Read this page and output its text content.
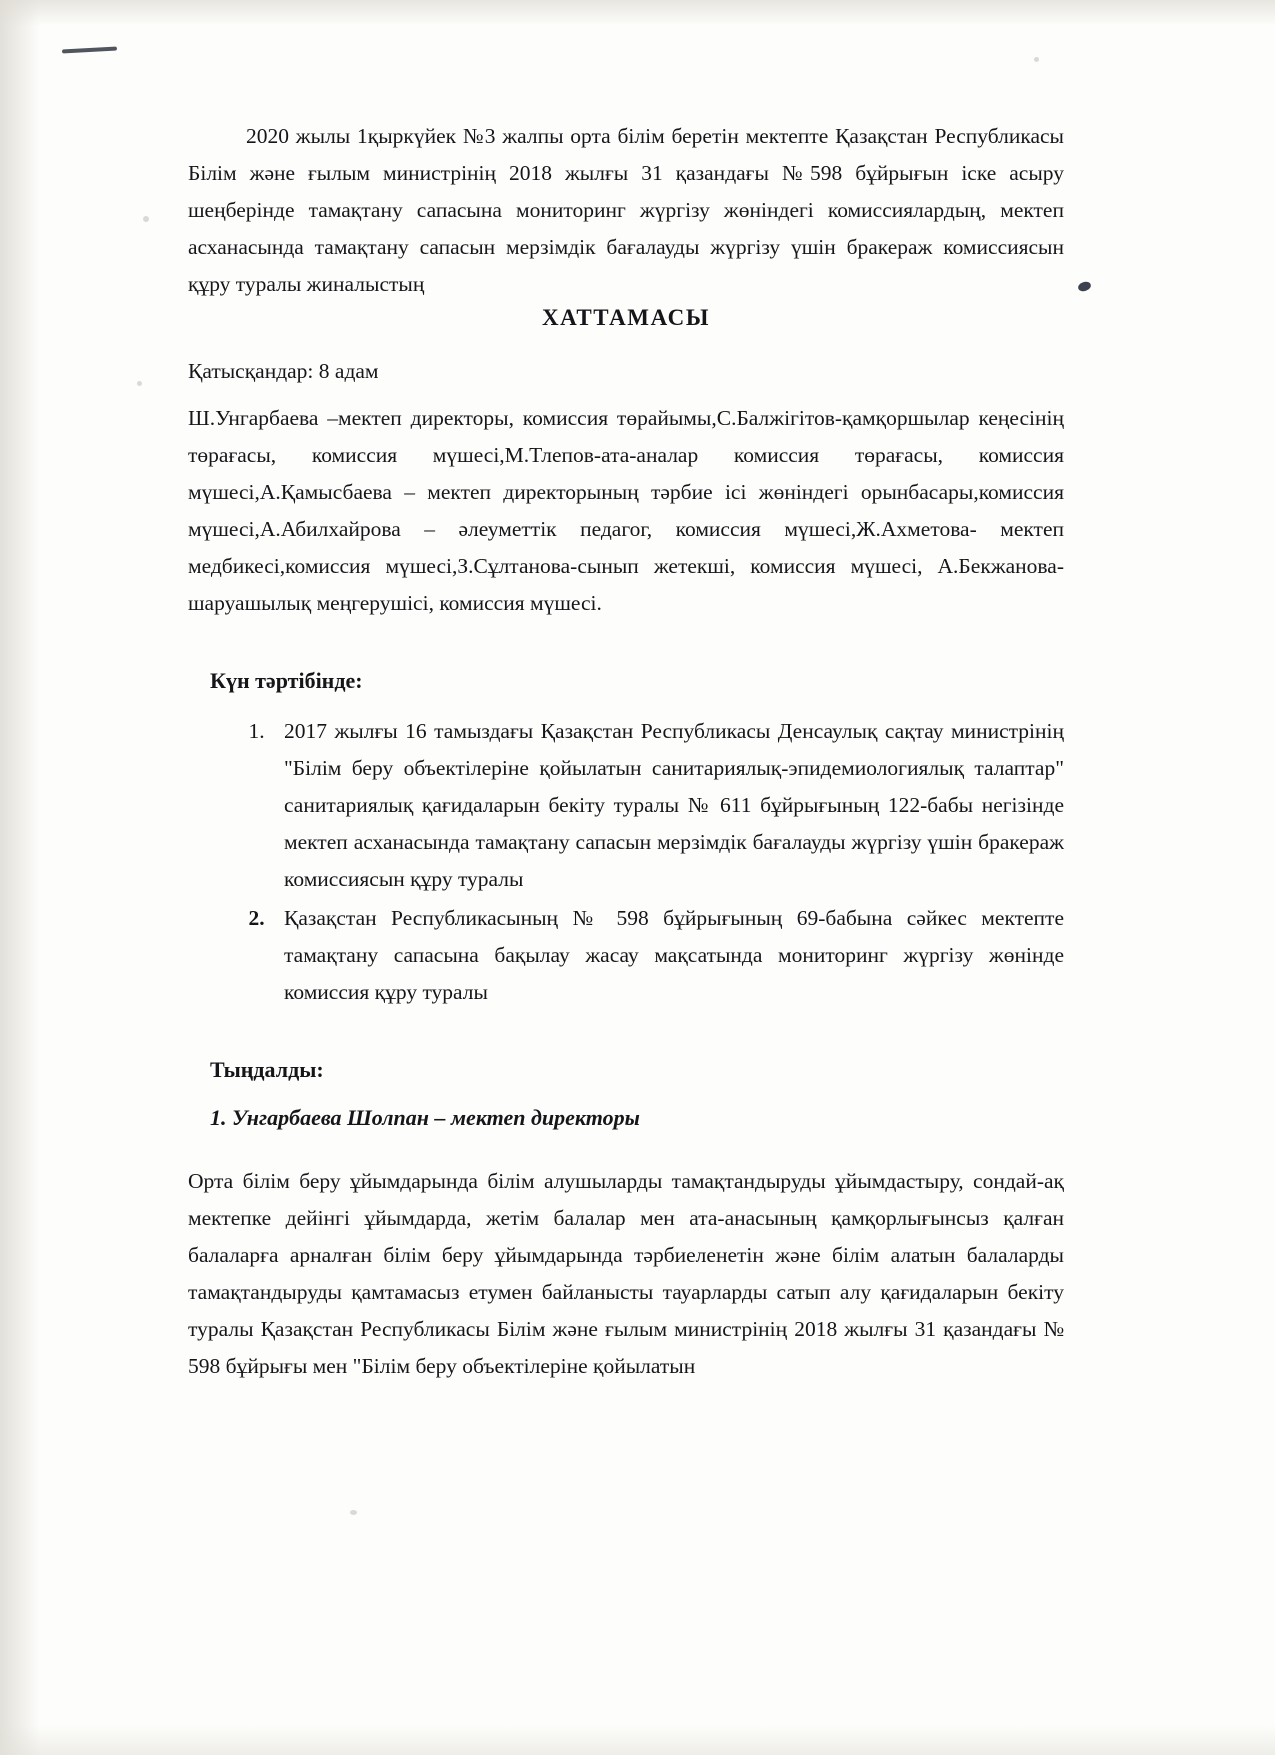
2020 жылы 1қыркүйек №3 жалпы орта білім беретін мектепте Қазақстан Республикасы Білім және ғылым министрінің 2018 жылғы 31 қазандағы №598 бұйрығын іске асыру шеңберінде тамақтану сапасына мониторинг жүргізу жөніндегі комиссиялардың, мектеп асханасында тамақтану сапасын мерзімдік бағалауды жүргізу үшін бракераж комиссиясын құру туралы жиналыстың

ХАТТАМАСЫ

Қатысқандар: 8 адам

Ш.Унгарбаева –мектеп директоры, комиссия төрайымы,С.Балжігітов-қамқоршылар кеңесінің төрағасы, комиссия мүшесі,М.Тлепов-ата-аналар комиссия төрағасы, комиссия мүшесі,А.Қамысбаева – мектеп директорының тәрбие ісі жөніндегі орынбасары,комиссия мүшесі,А.Абилхайрова – әлеуметтік педагог, комиссия мүшесі,Ж.Ахметова- мектеп медбикесі,комиссия мүшесі,З.Сұлтанова-сынып жетекші, комиссия мүшесі, А.Бекжанова-шаруашылық меңгерушісі, комиссия мүшесі.

Күн тәртібінде:

1. 2017 жылғы 16 тамыздағы Қазақстан Республикасы Денсаулық сақтау министрінің "Білім беру объектілеріне қойылатын санитариялық-эпидемиологиялық талаптар" санитариялық қағидаларын бекіту туралы № 611 бұйрығының 122-бабы негізінде мектеп асханасында тамақтану сапасын мерзімдік бағалауды жүргізу үшін бракераж комиссиясын құру туралы
2. Қазақстан Республикасының № 598 бұйрығының 69-бабына сәйкес мектепте тамақтану сапасына бақылау жасау мақсатында мониторинг жүргізу жөнінде комиссия құру туралы

Тыңдалды:

1. Унгарбаева Шолпан – мектеп директоры

Орта білім беру ұйымдарында білім алушыларды тамақтандыруды ұйымдастыру, сондай-ақ мектепке дейінгі ұйымдарда, жетім балалар мен ата-анасының қамқорлығынсыз қалған балаларға арналған білім беру ұйымдарында тәрбиеленетін және білім алатын балаларды тамақтандыруды қамтамасыз етумен байланысты тауарларды сатып алу қағидаларын бекіту туралы Қазақстан Республикасы Білім және ғылым министрінің 2018 жылғы 31 қазандағы № 598 бұйрығы мен "Білім беру объектілеріне қойылатын
